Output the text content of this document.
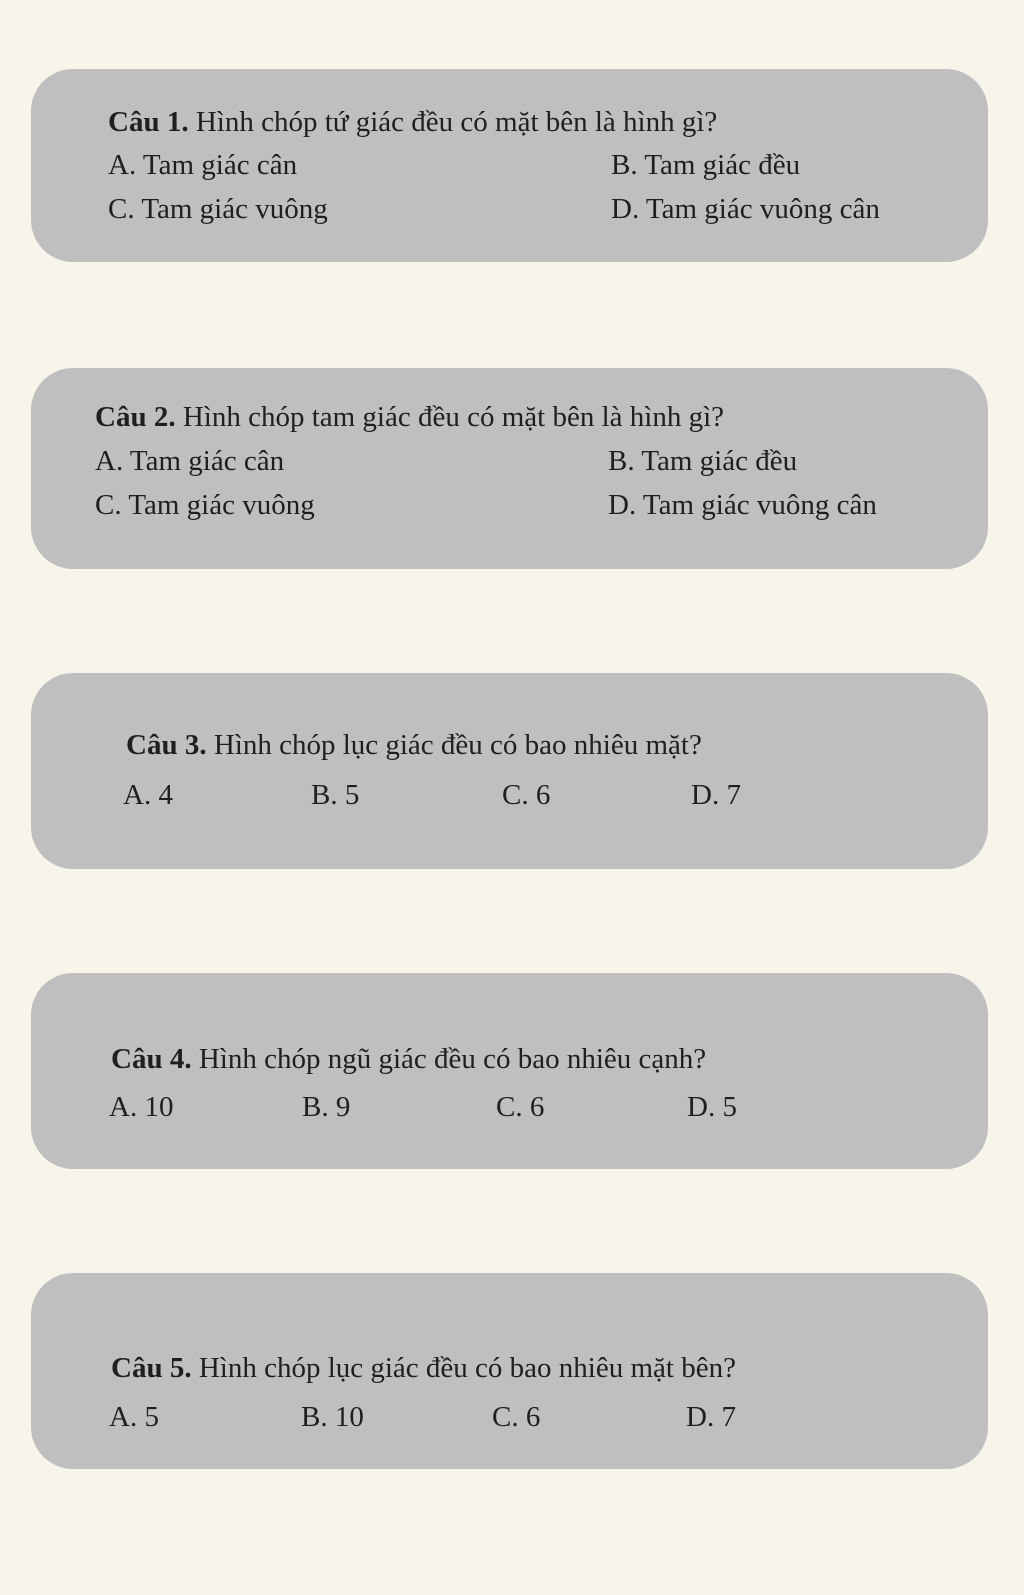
Câu 1. Hình chóp tứ giác đều có mặt bên là hình gì?
A. Tam giác cân	B. Tam giác đều
C. Tam giác vuông	D. Tam giác vuông cân
Câu 2. Hình chóp tam giác đều có mặt bên là hình gì?
A. Tam giác cân	B. Tam giác đều
C. Tam giác vuông	D. Tam giác vuông cân
Câu 3. Hình chóp lục giác đều có bao nhiêu mặt?
A. 4	B. 5	C. 6	D. 7
Câu 4. Hình chóp ngũ giác đều có bao nhiêu cạnh?
A. 10	B. 9	C. 6	D. 5
Câu 5. Hình chóp lục giác đều có bao nhiêu mặt bên?
A. 5	B. 10	C. 6	D. 7
